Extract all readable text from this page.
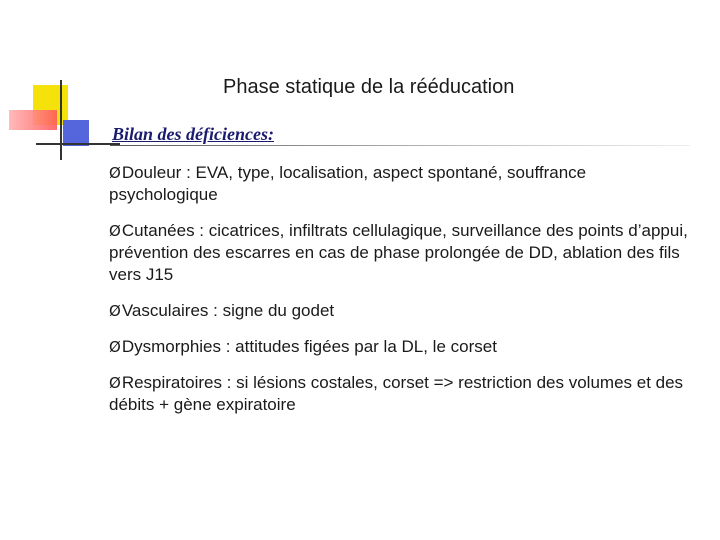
Phase statique de la rééducation
Bilan des déficiences:
ØDouleur : EVA, type, localisation, aspect spontané, souffrance psychologique
ØCutanées : cicatrices, infiltrats cellulagique, surveillance des points d’appui, prévention des escarres en cas de phase prolongée de DD, ablation des fils vers J15
ØVasculaires : signe du godet
ØDysmorphies : attitudes figées par la DL, le corset
ØRespiratoires : si lésions costales, corset => restriction des volumes et des débits + gène expiratoire
